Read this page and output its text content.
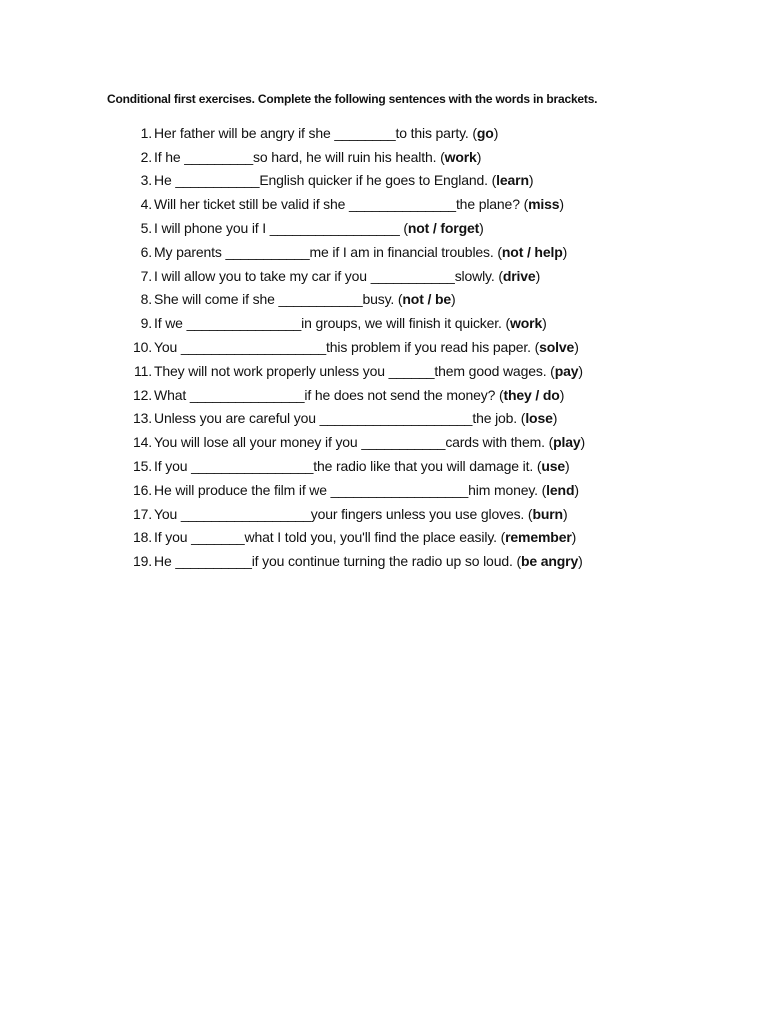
Conditional first exercises. Complete the following sentences with the words in brackets.
1. Her father will be angry if she ________to this party. (go)
2. If he _________so hard, he will ruin his health. (work)
3. He ___________English quicker if he goes to England. (learn)
4. Will her ticket still be valid if she ______________the plane? (miss)
5. I will phone you if I _________________ (not / forget)
6. My parents ___________me if I am in financial troubles. (not / help)
7. I will allow you to take my car if you ___________slowly. (drive)
8. She will come if she ___________busy. (not / be)
9. If we _______________in groups, we will finish it quicker. (work)
10. You ___________________this problem if you read his paper. (solve)
11. They will not work properly unless you ______them good wages. (pay)
12. What _______________if he does not send the money? (they / do)
13. Unless you are careful you ____________________the job. (lose)
14. You will lose all your money if you ___________cards with them. (play)
15. If you ________________the radio like that you will damage it. (use)
16. He will produce the film if we __________________him money. (lend)
17. You _________________your fingers unless you use gloves. (burn)
18. If you _______what I told you, you'll find the place easily. (remember)
19. He __________if you continue turning the radio up so loud. (be angry)
